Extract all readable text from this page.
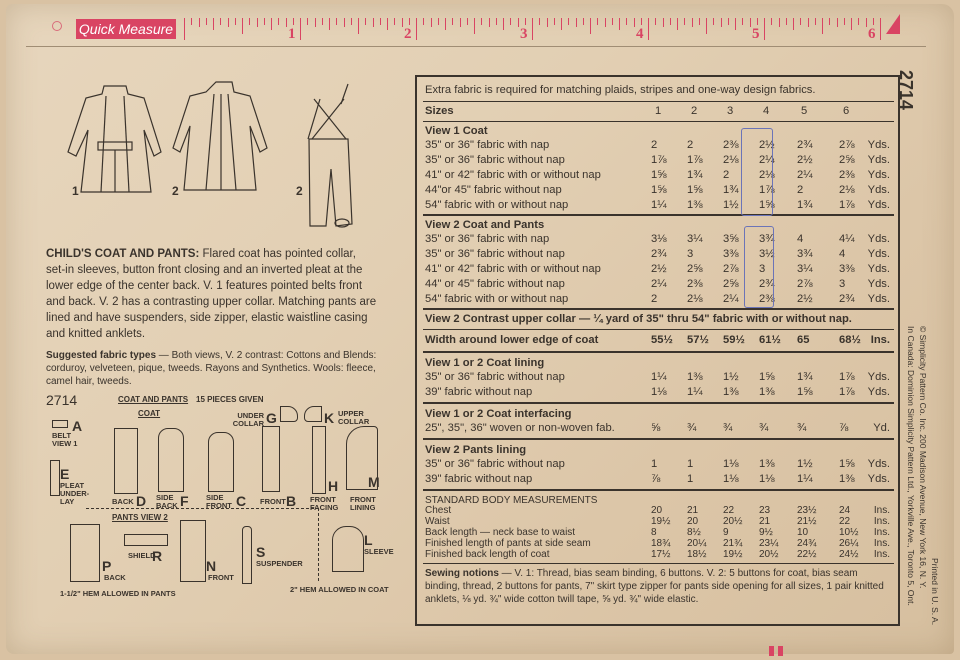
Quick Measure	1	2	3	4	5	6
1	2	2
CHILD'S COAT AND PANTS: Flared coat has pointed collar, set-in sleeves, button front closing and an inverted pleat at the lower edge of the center back. V. 1 features pointed belts front and back. V. 2 has a contrasting upper collar. Matching pants are lined and have suspenders, side zipper, elastic waistline casing and knitted anklets.
Suggested fabric types — Both views, V. 2 contrast: Cottons and Blends: corduroy, velveteen, pique, tweeds. Rayons and Synthetics. Wools: fleece, camel hair, tweeds.
2714	COAT AND PANTS 15 PIECES GIVEN
COAT
A
BELT VIEW 1
E
PLEAT UNDER-LAY	BACK D SIDE BACK F SIDE FRONT C
UNDER COLLAR G
FRONT B
K UPPER COLLAR
H
FRONT FACING
M
FRONT LINING
PANTS VIEW 2
P
BACK
SHIELD
R
N
FRONT
S
SUSPENDER
L
SLEEVE
1-1/2" HEM ALLOWED IN PANTS	2" HEM ALLOWED IN COAT
Extra fabric is required for matching plaids, stripes and one-way design fabrics.
Sizes	1	2	3	4	5	6
View 1 Coat
35" or 36" fabric with nap	2	2	2⅜	2½	2¾	2⅞	Yds.
35" or 36" fabric without nap	1⅞	1⅞	2⅛	2¼	2½	2⅝	Yds.
41" or 42" fabric with or without nap	1⅝	1¾	2	2⅛	2¼	2⅜	Yds.
44"or 45" fabric without nap	1⅝	1⅝	1¾	1⅞	2	2⅛	Yds.
54" fabric with or without nap	1¼	1⅜	1½	1⅝	1¾	1⅞	Yds.
View 2 Coat and Pants
35" or 36" fabric with nap	3⅛	3¼	3⅝	3¾	4	4¼	Yds.
35" or 36" fabric without nap	2¾	3	3⅜	3½	3¾	4	Yds.
41" or 42" fabric with or without nap	2½	2⅝	2⅞	3	3¼	3⅜	Yds.
44" or 45" fabric without nap	2¼	2⅜	2⅝	2¾	2⅞	3	Yds.
54" fabric with or without nap	2	2⅛	2¼	2⅜	2½	2¾	Yds.
View 2 Contrast upper collar — ¼ yard of 35" thru 54" fabric with or without nap.
Width around lower edge of coat	55½	57½	59½	61½	65	68½ Ins.
View 1 or 2 Coat lining
35" or 36" fabric without nap	1¼	1⅜	1½	1⅝	1¾	1⅞	Yds.
39" fabric without nap	1⅛	1¼	1⅜	1⅜	1⅝	1⅞	Yds.
View 1 or 2 Coat interfacing
25", 35", 36" woven or non-woven fab.	⅝	¾	¾	¾	¾	⅞	Yd.
View 2 Pants lining
35" or 36" fabric without nap	1	1	1⅛	1⅜	1½	1⅝	Yds.
39" fabric without nap	⅞	1	1⅛	1⅛	1¼	1⅜	Yds.
STANDARD BODY MEASUREMENTS
Chest	20	21	22	23	23½	24	Ins.
Waist	19½	20	20½	21	21½	22	Ins.
Back length — neck base to waist	8	8½	9	9½	10	10½	Ins.
Finished length of pants at side seam	18¾	20¼	21¾	23¼	24¾	26¼	Ins.
Finished back length of coat	17½	18½	19½	20½	22½	24½	Ins.
Sewing notions — V. 1: Thread, bias seam binding, 6 buttons. V. 2: 5 buttons for coat, bias seam binding, thread, 2 buttons for pants, 7" skirt type zipper for pants side opening for all sizes, 1 pair knitted anklets, ⅛ yd. ¾" wide cotton twill tape, ⅝ yd. ¾" wide elastic.
2714
© Simplicity Pattern Co. Inc. 200 Madison Avenue, New York 16, N. Y.
In Canada: Dominion Simplicity Pattern Ltd., Yorkville Ave., Toronto 5, Ont. Printed in U. S. A.
